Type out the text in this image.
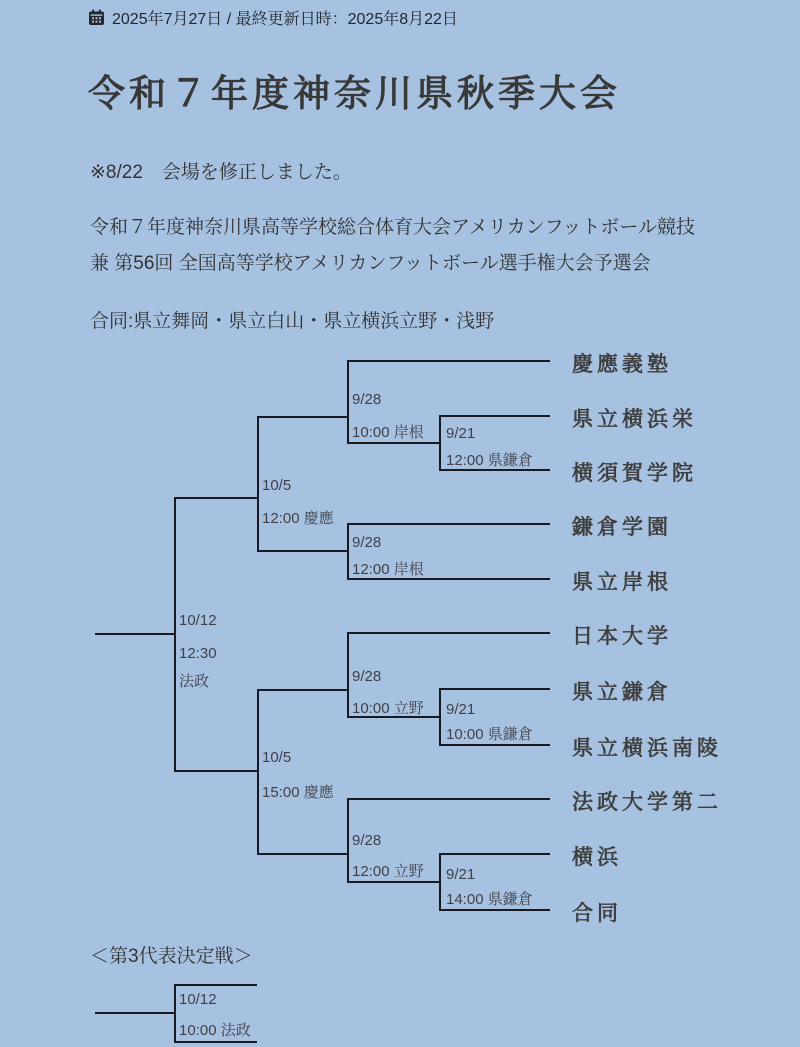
2025年7月27日 / 最終更新日時：2025年8月22日
令和７年度神奈川県秋季大会
※8/22　会場を修正しました。
令和７年度神奈川県高等学校総合体育大会アメリカンフットボール競技
兼 第56回 全国高等学校アメリカンフットボール選手権大会予選会
合同:県立舞岡・県立白山・県立横浜立野・浅野
慶應義塾
県立横浜栄
横須賀学院
鎌倉学園
県立岸根
日本大学
県立鎌倉
県立横浜南陵
法政大学第二
横浜
合同
9/28
10:00 岸根 9/21
12:00 県鎌倉
10/5
12:00 慶應
9/28
12:00 岸根
10/12
12:30
法政	9/28
10:00 立野 9/21
10:00 県鎌倉
10/5
15:00 慶應
9/28
12:00 立野 9/21
14:00 県鎌倉
＜第3代表決定戦＞
10/12
10:00 法政
